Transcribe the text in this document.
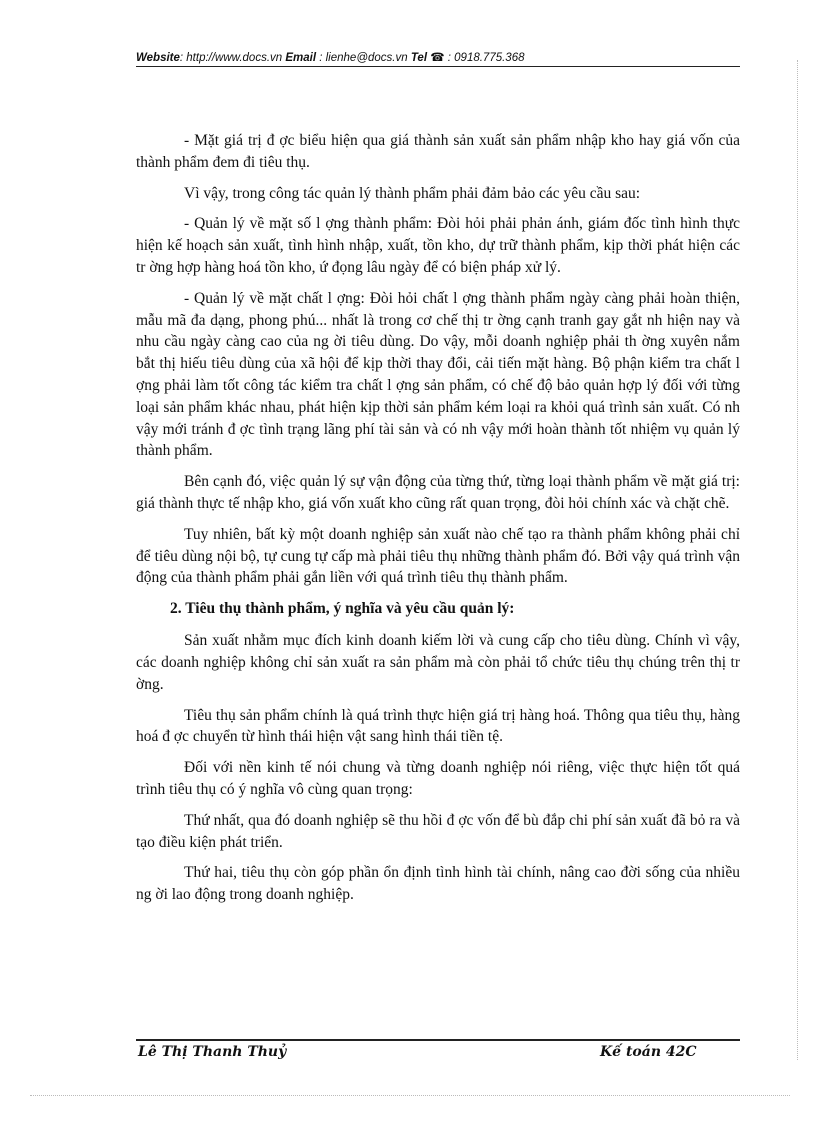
Website: http://www.docs.vn Email : lienhe@docs.vn Tel ☎ : 0918.775.368

- Mặt giá trị đ ợc biểu hiện qua giá thành sản xuất sản phẩm nhập kho hay giá vốn của thành phẩm đem đi tiêu thụ.

Vì vậy, trong công tác quản lý thành phẩm phải đảm bảo các yêu cầu sau:

- Quản lý về mặt số l ợng thành phẩm: Đòi hỏi phải phản ánh, giám đốc tình hình thực hiện kế hoạch sản xuất, tình hình nhập, xuất, tồn kho, dự trữ thành phẩm, kịp thời phát hiện các tr ờng hợp hàng hoá tồn kho, ứ đọng lâu ngày để có biện pháp xử lý.

- Quản lý về mặt chất l ợng: Đòi hỏi chất l ợng thành phẩm ngày càng phải hoàn thiện, mẫu mã đa dạng, phong phú... nhất là trong cơ chế thị tr ờng cạnh tranh gay gắt nh hiện nay và nhu cầu ngày càng cao của ng ời tiêu dùng. Do vậy, mỗi doanh nghiệp phải th ờng xuyên nắm bắt thị hiếu tiêu dùng của xã hội để kịp thời thay đổi, cải tiến mặt hàng. Bộ phận kiểm tra chất l ợng phải làm tốt công tác kiểm tra chất l ợng sản phẩm, có chế độ bảo quản hợp lý đối với từng loại sản phẩm khác nhau, phát hiện kịp thời sản phẩm kém loại ra khỏi quá trình sản xuất. Có nh vậy mới tránh đ ợc tình trạng lãng phí tài sản và có nh vậy mới hoàn thành tốt nhiệm vụ quản lý thành phẩm.

Bên cạnh đó, việc quản lý sự vận động của từng thứ, từng loại thành phẩm về mặt giá trị: giá thành thực tế nhập kho, giá vốn xuất kho cũng rất quan trọng, đòi hỏi chính xác và chặt chẽ.

Tuy nhiên, bất kỳ một doanh nghiệp sản xuất nào chế tạo ra thành phẩm không phải chỉ để tiêu dùng nội bộ, tự cung tự cấp mà phải tiêu thụ những thành phẩm đó. Bởi vậy quá trình vận động của thành phẩm phải gắn liền với quá trình tiêu thụ thành phẩm.

2. Tiêu thụ thành phẩm, ý nghĩa và yêu cầu quản lý:

Sản xuất nhằm mục đích kinh doanh kiếm lời và cung cấp cho tiêu dùng. Chính vì vậy, các doanh nghiệp không chỉ sản xuất ra sản phẩm mà còn phải tổ chức tiêu thụ chúng trên thị tr ờng.

Tiêu thụ sản phẩm chính là quá trình thực hiện giá trị hàng hoá. Thông qua tiêu thụ, hàng hoá đ ợc chuyển từ hình thái hiện vật sang hình thái tiền tệ.

Đối với nền kinh tế nói chung và từng doanh nghiệp nói riêng, việc thực hiện tốt quá trình tiêu thụ có ý nghĩa vô cùng quan trọng:

Thứ nhất, qua đó doanh nghiệp sẽ thu hồi đ ợc vốn để bù đắp chi phí sản xuất đã bỏ ra và tạo điều kiện phát triển.

Thứ hai, tiêu thụ còn góp phần ổn định tình hình tài chính, nâng cao đời sống của nhiều ng ời lao động trong doanh nghiệp.

Lê Thị Thanh Thuỷ	Kế toán 42C
